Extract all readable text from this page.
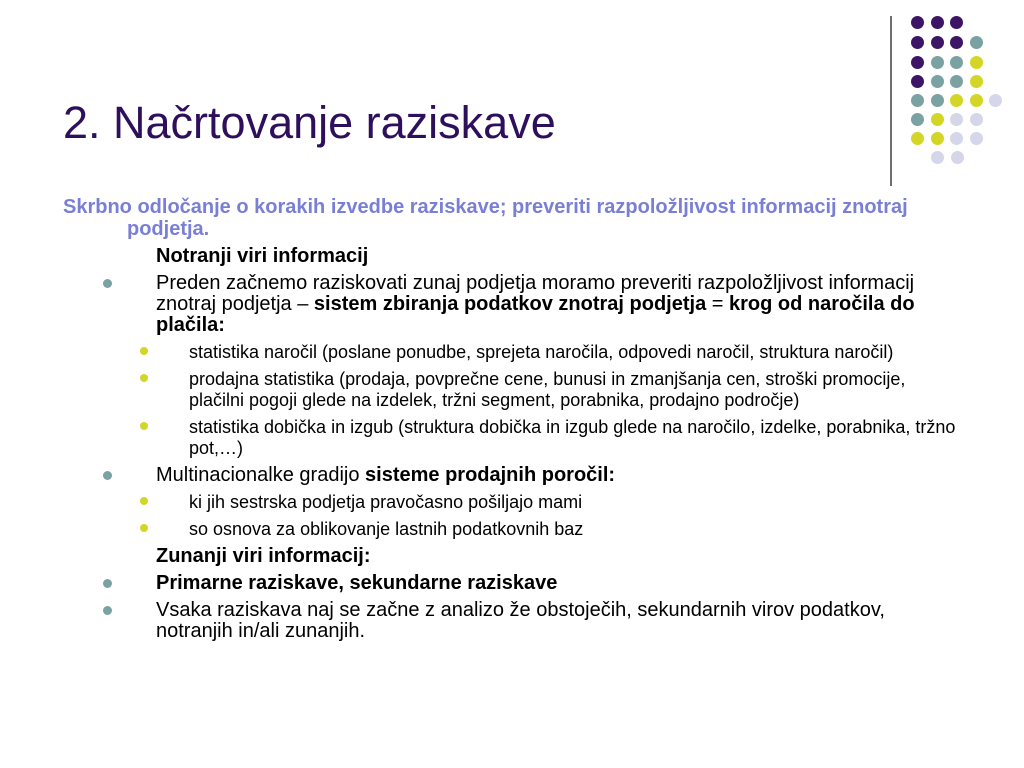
2. Načrtovanje raziskave

Skrbno odločanje o korakih izvedbe raziskave; preveriti razpoložljivost informacij znotraj podjetja.

Notranji viri informacij
Preden začnemo raziskovati zunaj podjetja moramo preveriti razpoložljivost informacij znotraj podjetja – sistem zbiranja podatkov znotraj podjetja = krog od naročila do plačila:
statistika naročil (poslane ponudbe, sprejeta naročila, odpovedi naročil, struktura naročil)
prodajna statistika (prodaja, povprečne cene, bunusi in zmanjšanja cen, stroški promocije, plačilni pogoji glede na izdelek, tržni segment, porabnika, prodajno področje)
statistika dobička in izgub (struktura dobička in izgub glede na naročilo, izdelke, porabnika, tržno pot,…)
Multinacionalke gradijo sisteme prodajnih poročil:
ki jih sestrska podjetja pravočasno pošiljajo mami
so osnova za oblikovanje lastnih podatkovnih baz
Zunanji viri informacij:
Primarne raziskave, sekundarne raziskave
Vsaka raziskava naj se začne z analizo že obstoječih, sekundarnih virov podatkov, notranjih in/ali zunanjih.
